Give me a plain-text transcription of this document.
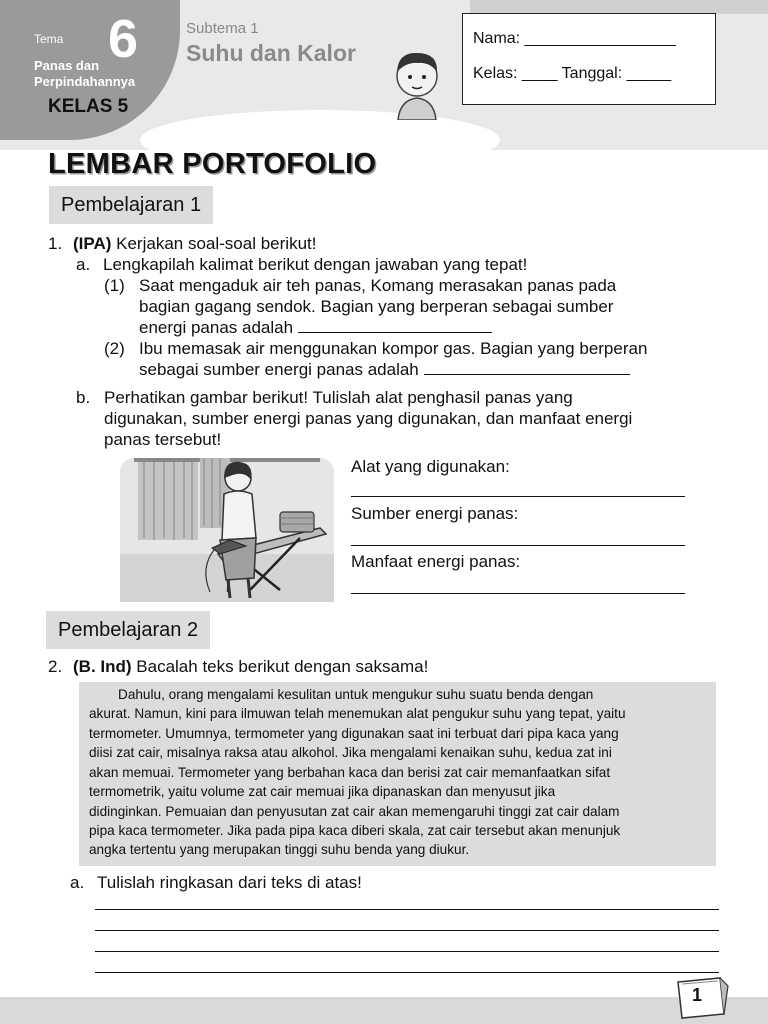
Tema 6
Panas dan Perpindahannya
KELAS 5
Subtema 1
Suhu dan Kalor
Nama: _________________
Kelas: ____ Tanggal: _____
LEMBAR PORTOFOLIO
Pembelajaran 1
1. (IPA) Kerjakan soal-soal berikut!
a. Lengkapilah kalimat berikut dengan jawaban yang tepat!
(1) Saat mengaduk air teh panas, Komang merasakan panas pada
bagian gagang sendok. Bagian yang berperan sebagai sumber
energi panas adalah
(2) Ibu memasak air menggunakan kompor gas. Bagian yang berperan
sebagai sumber energi panas adalah
b. Perhatikan gambar berikut! Tulislah alat penghasil panas yang
digunakan, sumber energi panas yang digunakan, dan manfaat energi
panas tersebut!
Alat yang digunakan:
Sumber energi panas:
Manfaat energi panas:
Pembelajaran 2
2. (B. Ind) Bacalah teks berikut dengan saksama!
Dahulu, orang mengalami kesulitan untuk mengukur suhu suatu benda dengan
akurat. Namun, kini para ilmuwan telah menemukan alat pengukur suhu yang tepat, yaitu
termometer. Umumnya, termometer yang digunakan saat ini terbuat dari pipa kaca yang
diisi zat cair, misalnya raksa atau alkohol. Jika mengalami kenaikan suhu, kedua zat ini
akan memuai. Termometer yang berbahan kaca dan berisi zat cair memanfaatkan sifat
termometrik, yaitu volume zat cair memuai jika dipanaskan dan menyusut jika
didinginkan. Pemuaian dan penyusutan zat cair akan memengaruhi tinggi zat cair dalam
pipa kaca termometer. Jika pada pipa kaca diberi skala, zat cair tersebut akan menunjuk
angka tertentu yang merupakan tinggi suhu benda yang diukur.
a. Tulislah ringkasan dari teks di atas!
1
